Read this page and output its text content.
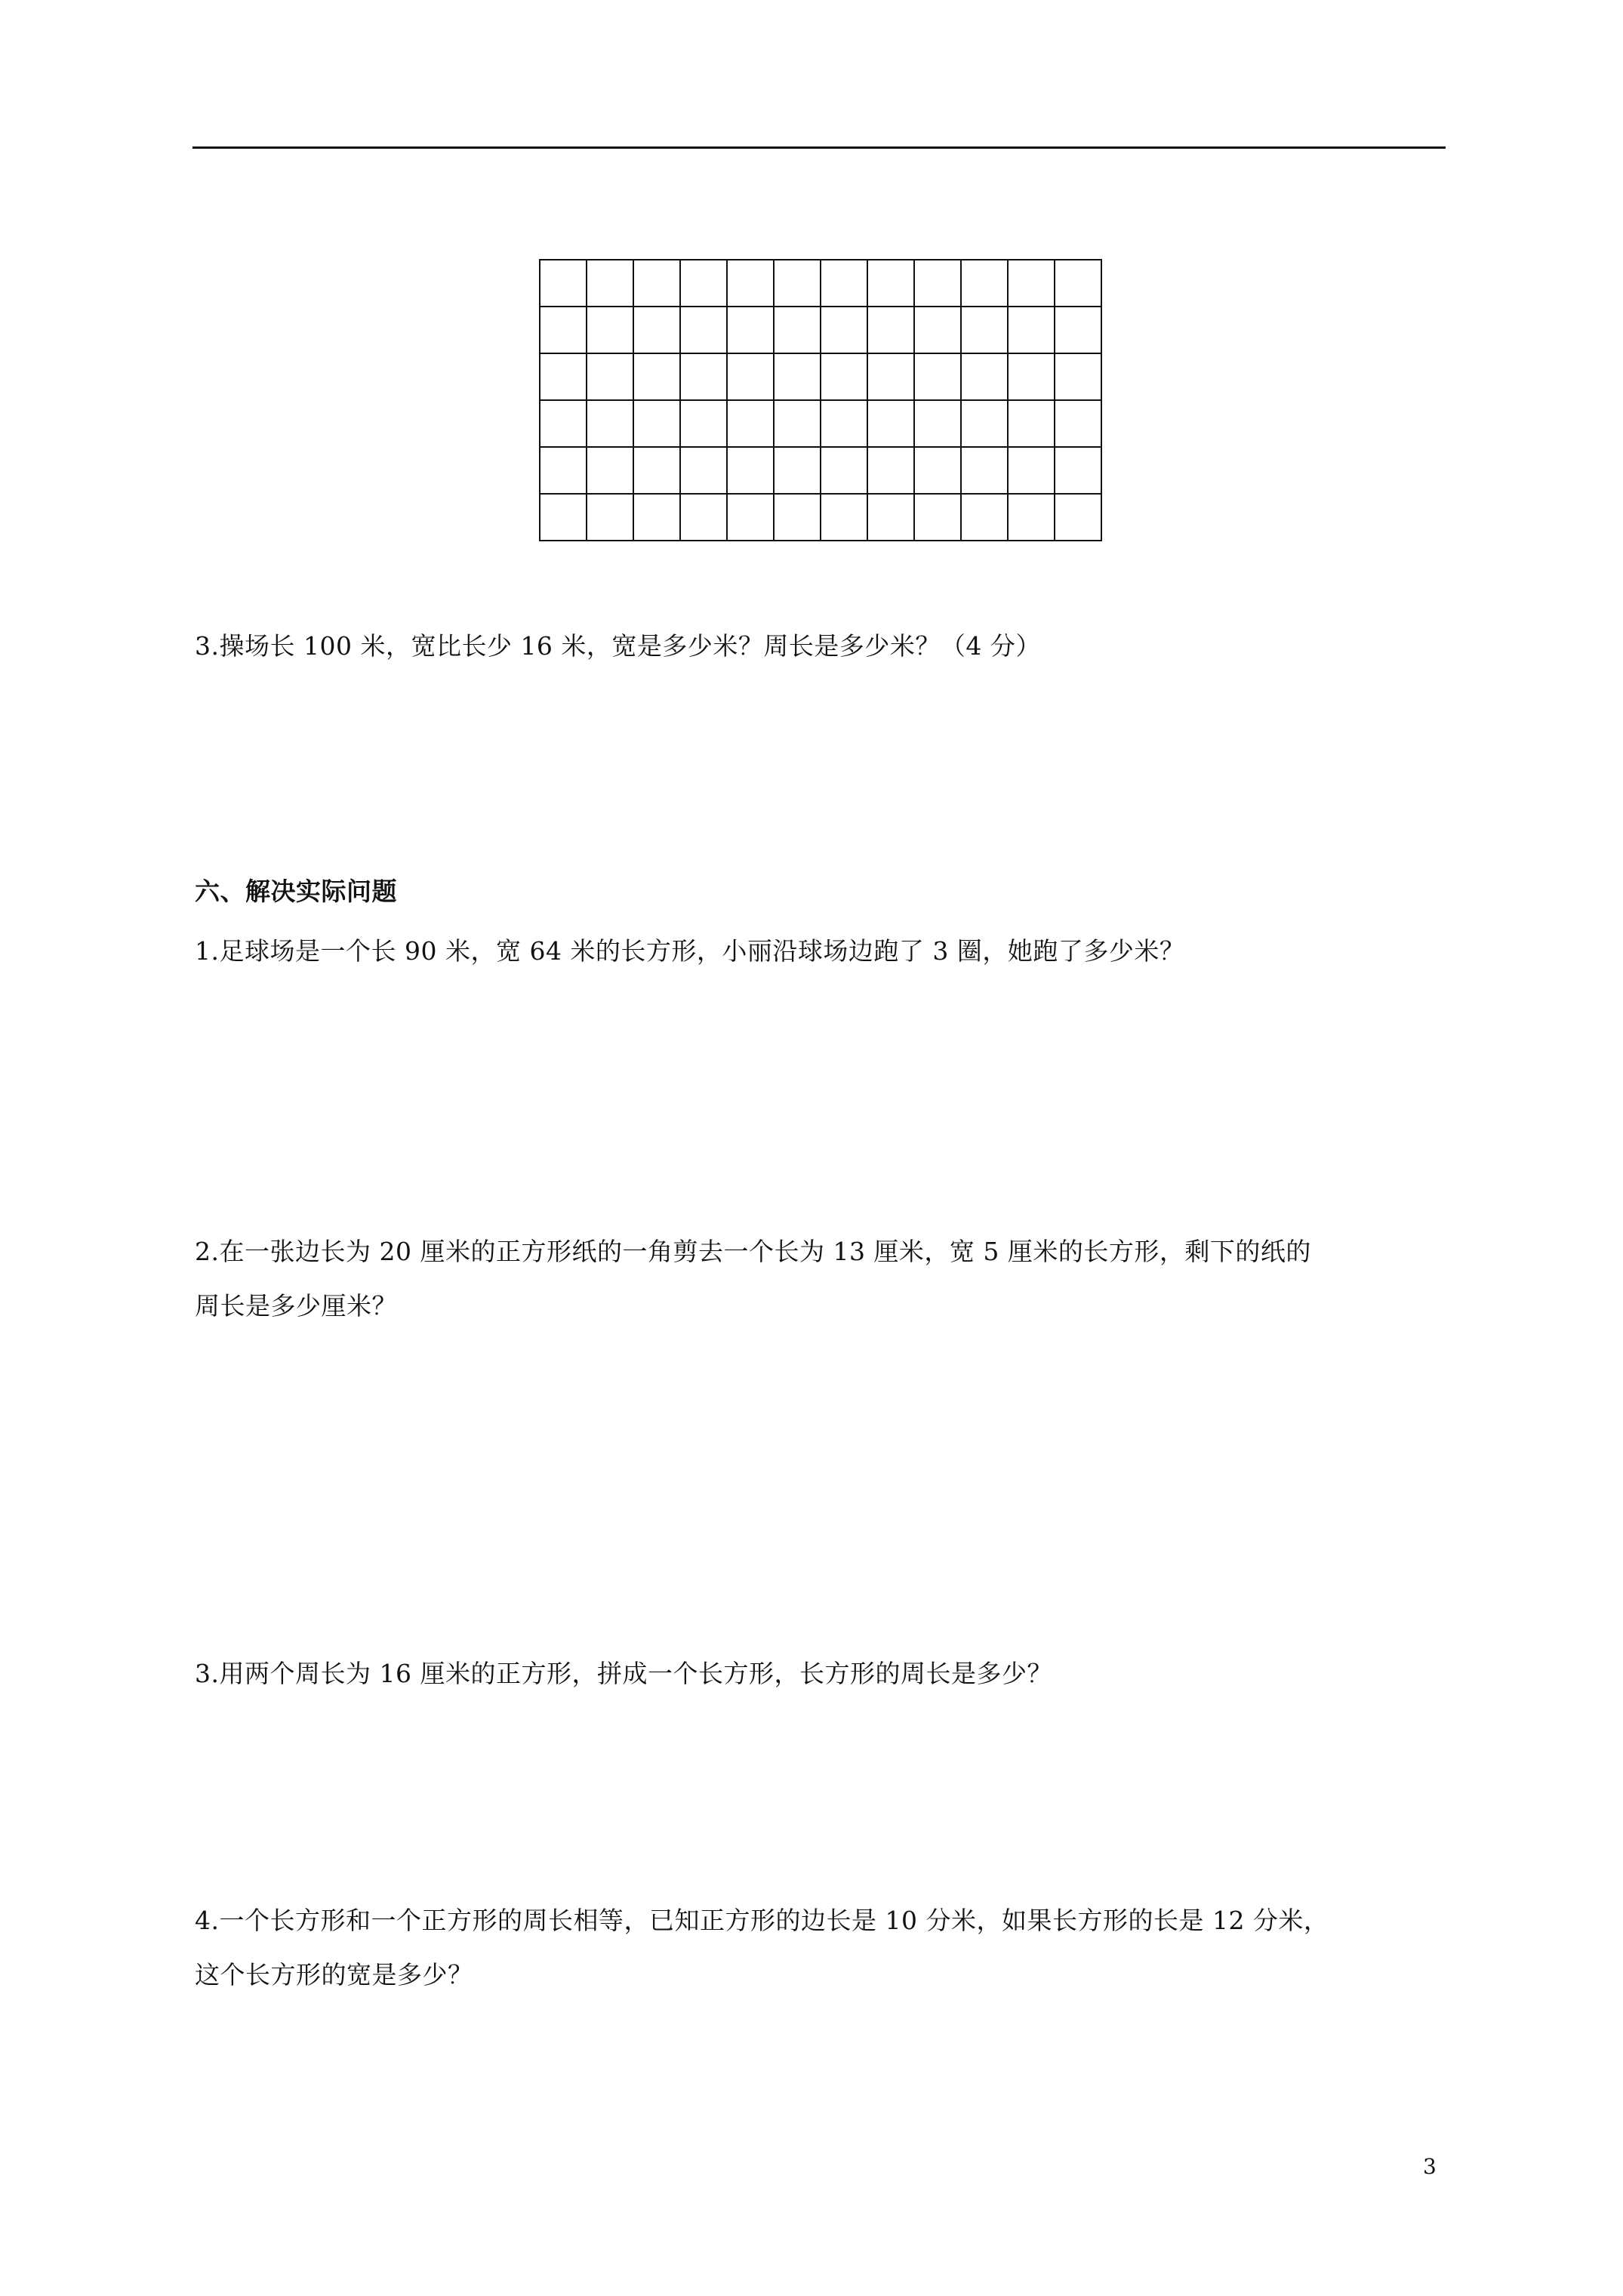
3.操场长 100 米，宽比长少 16 米，宽是多少米？周长是多少米？（4 分）
六、解决实际问题
1.足球场是一个长 90 米，宽 64 米的长方形，小丽沿球场边跑了 3 圈，她跑了多少米？
2.在一张边长为 20 厘米的正方形纸的一角剪去一个长为 13 厘米，宽 5 厘米的长方形，剩下的纸的
周长是多少厘米？
3.用两个周长为 16 厘米的正方形，拼成一个长方形，长方形的周长是多少？
4.一个长方形和一个正方形的周长相等，已知正方形的边长是 10 分米，如果长方形的长是 12 分米，
这个长方形的宽是多少？
3
